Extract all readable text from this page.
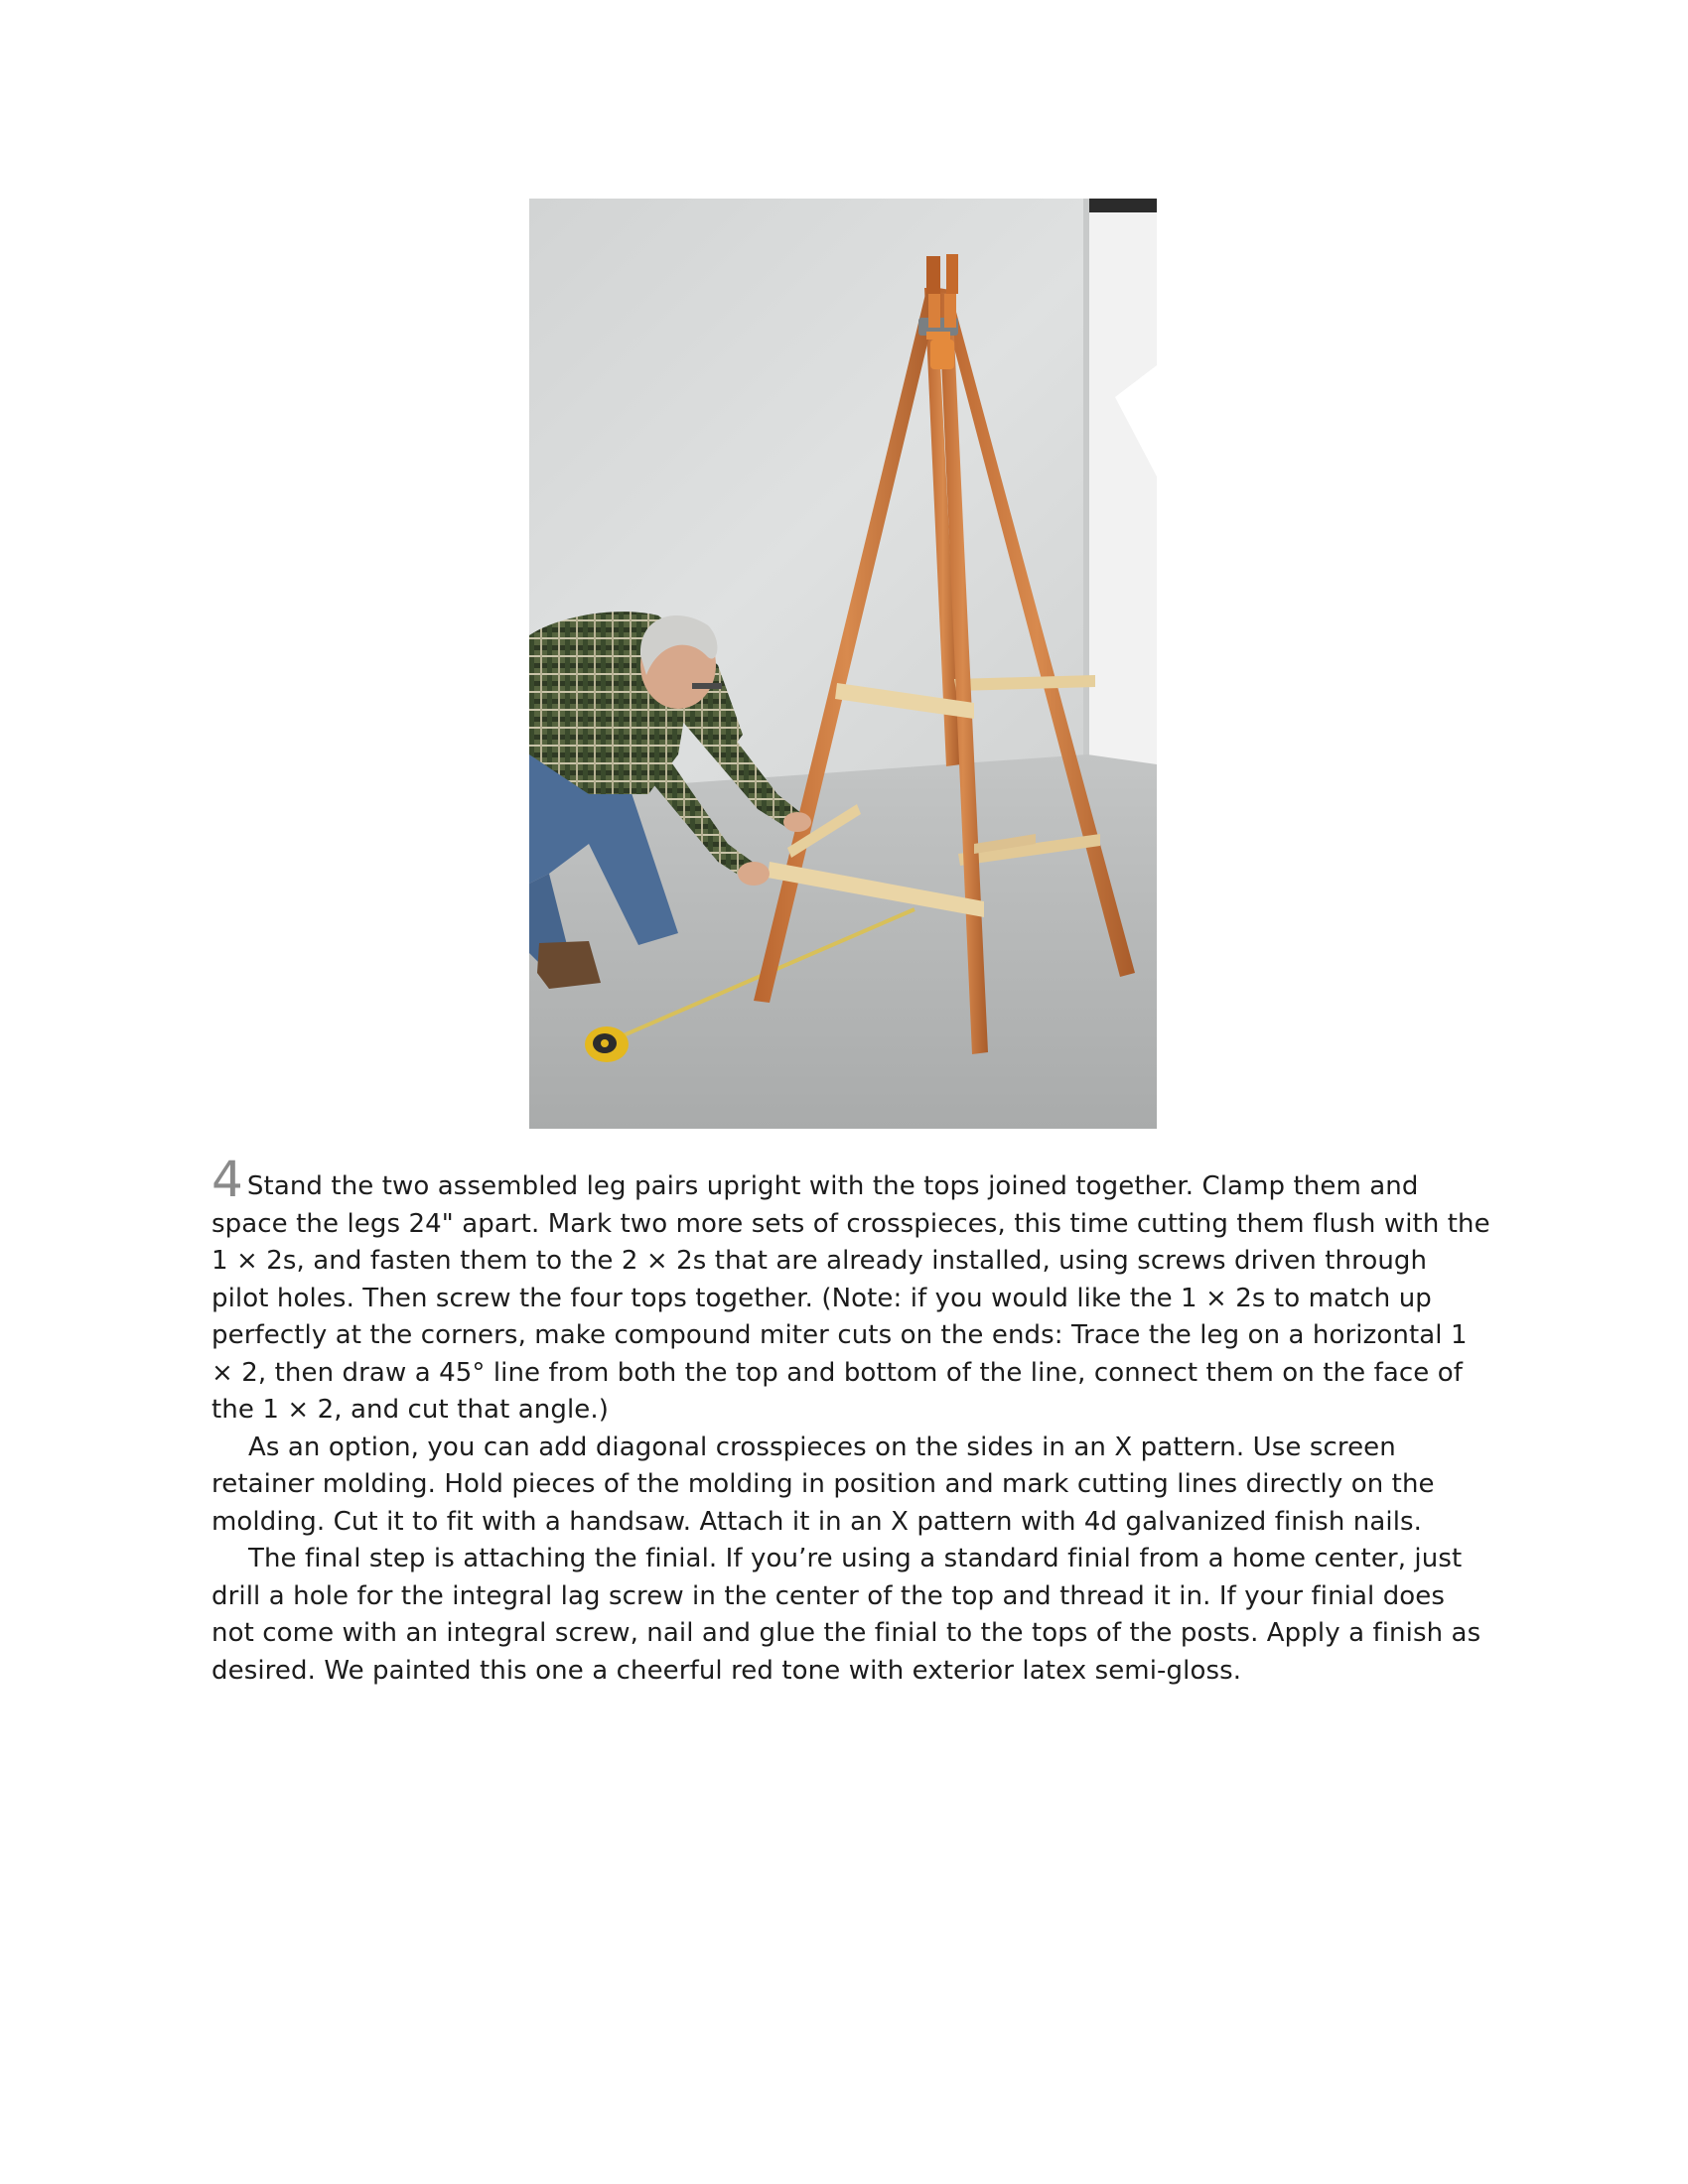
4 Stand the two assembled leg pairs upright with the tops joined together. Clamp them and space the legs 24" apart. Mark two more sets of crosspieces, this time cutting them flush with the 1 × 2s, and fasten them to the 2 × 2s that are already installed, using screws driven through pilot holes. Then screw the four tops together. (Note: if you would like the 1 × 2s to match up perfectly at the corners, make compound miter cuts on the ends: Trace the leg on a horizontal 1 × 2, then draw a 45° line from both the top and bottom of the line, connect them on the face of the 1 × 2, and cut that angle.)

As an option, you can add diagonal crosspieces on the sides in an X pattern. Use screen retainer molding. Hold pieces of the molding in position and mark cutting lines directly on the molding. Cut it to fit with a handsaw. Attach it in an X pattern with 4d galvanized finish nails.

The final step is attaching the finial. If you’re using a standard finial from a home center, just drill a hole for the integral lag screw in the center of the top and thread it in. If your finial does not come with an integral screw, nail and glue the finial to the tops of the posts. Apply a finish as desired. We painted this one a cheerful red tone with exterior latex semi-gloss.
